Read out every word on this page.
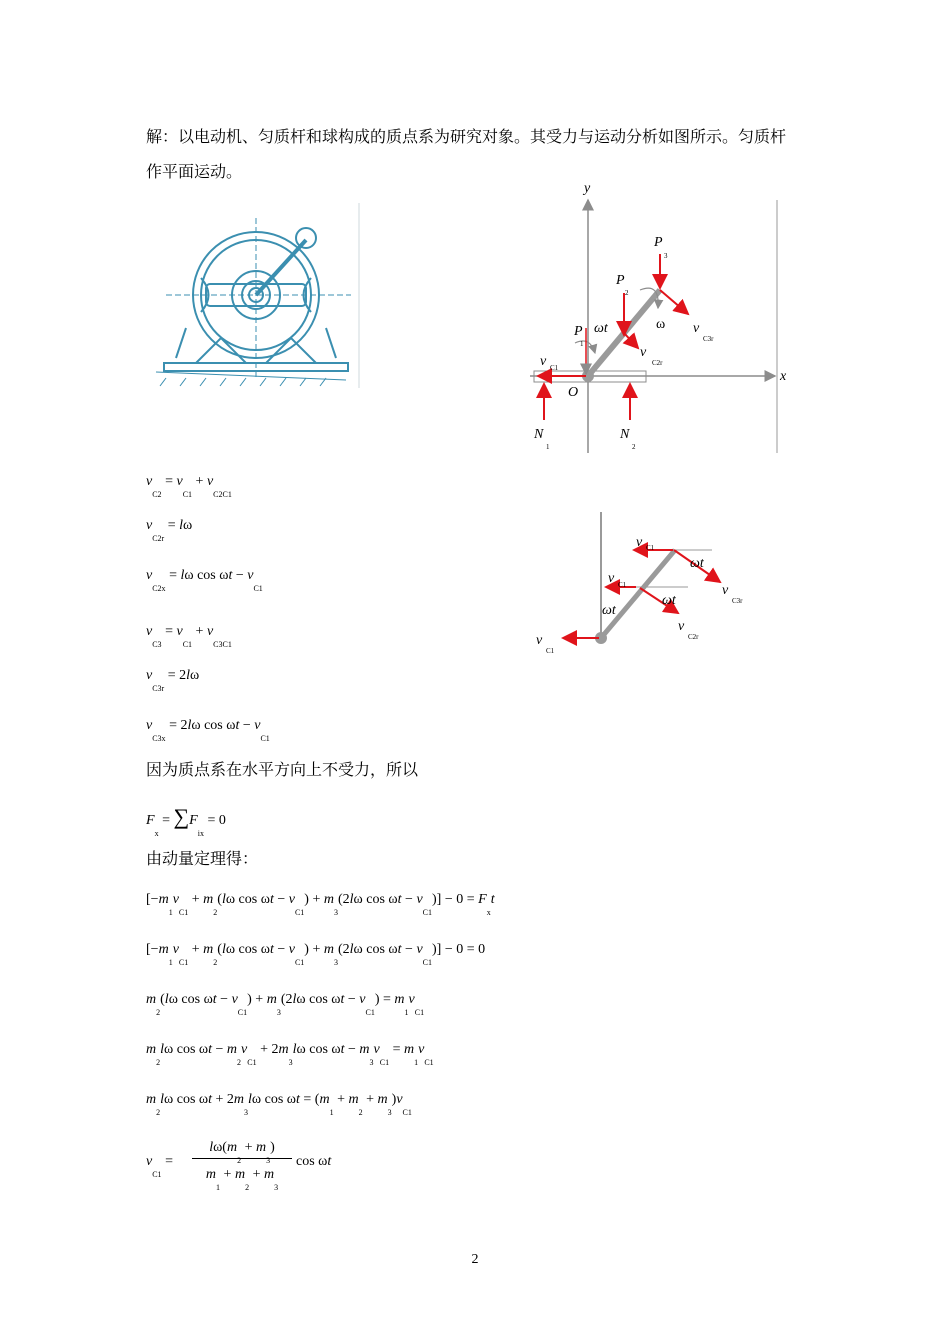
解：以电动机、匀质杆和球构成的质点系为研究对象。其受力与运动分析如图所示。匀质杆
作平面运动。
y
x
O
P
3
P
2
P
1
ωt	ω
v C1
v
C2r
v
C3r
N
1
N
2
v C1
ωt
v
C3r
v C1
ωt
ωt
v
C2r
v
C1
$v_{C2} = v_{C1} + v_{C2C1}$
$v_{C2r} = l\omega$
$v_{C2x} = l\omega$ $\cos \omega t - v_{C1}$
$v_{C3} = v_{C1} + v_{C3C1}$
$v_{C3r} = 2l\omega$
$v_{C3x} = 2l\omega$ $\cos \omega t - v_{C1}$
因为质点系在水平方向上不受力，所以
$F_x = \sum F_{ix} = 0$
由动量定理得：
[$-m_1v_{C1} + m_2(l\omega$ $\cos \omega t - v_{C1}) + m_3(2l\omega$ $\cos \omega t - v_{C1})] - 0 = F_xt$
[$-m_1v_{C1} + m_2(l\omega$ $\cos \omega t - v_{C1}) + m_3(2l\omega$ $\cos \omega t - v_{C1})] - 0 = 0$
$m_2(l\omega$ $\cos \omega t - v_{C1}) + m_3(2l\omega$ $\cos \omega t - v_{C1}) = m_1v_{C1}$
$m_2l\omega$ $\cos \omega t - m_2v_{C1} + 2m_3l\omega$ $\cos \omega t - m_3v_{C1} = m_1v_{C1}$
$m_2l\omega$ $\cos \omega t + 2m_3l\omega$ $\cos \omega t = (m_1 + m_2 + m_3)v_{C1}$
$v_{C1}$ =
$l\omega(m_2 + m_3)$
$m_1 + m_2 + m_3$
cos ωt
2
